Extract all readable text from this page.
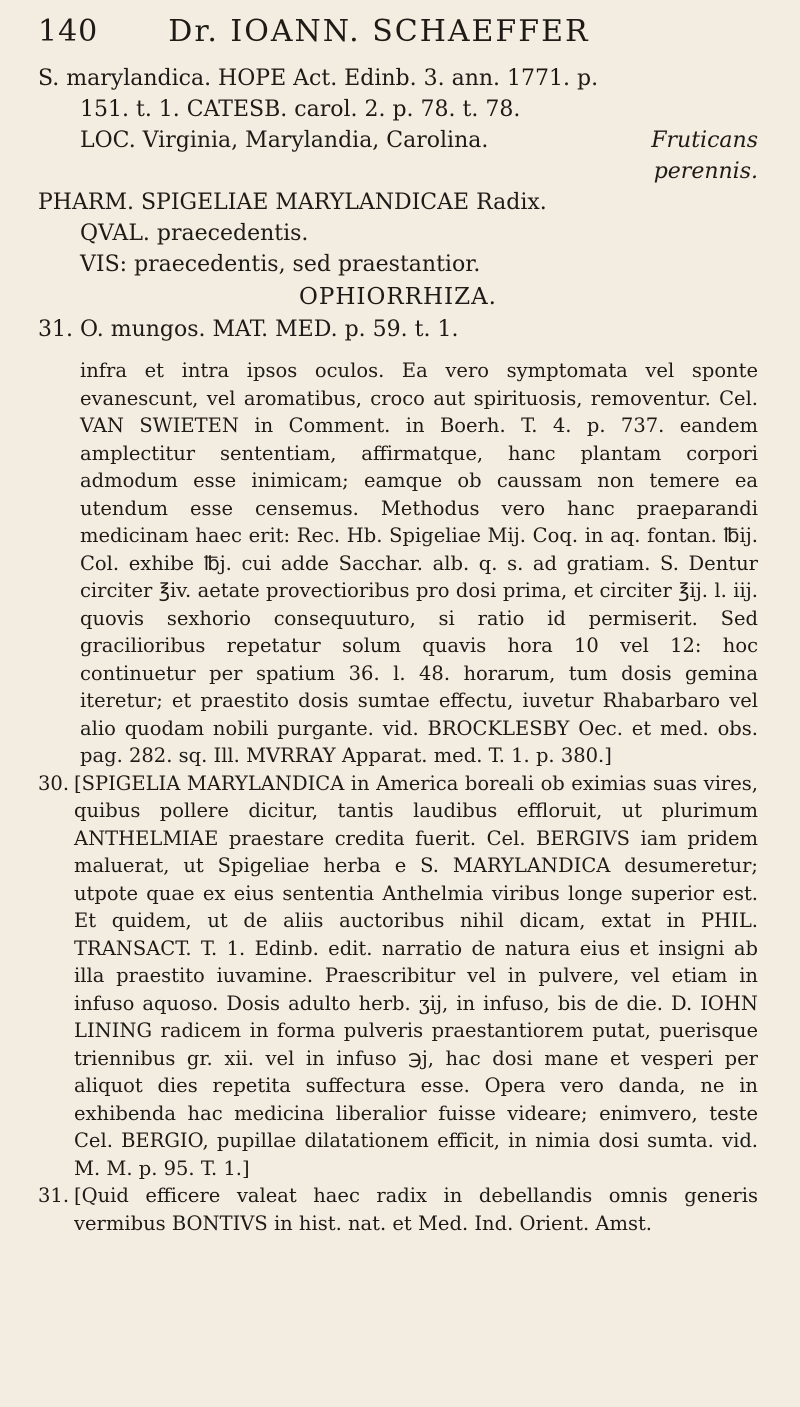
140 Dr. IOANN. SCHAEFFER

S. marylandica. HOPE Act. Edinb. 3. ann. 1771. p.

151. t. 1. CATESB. carol. 2. p. 78. t. 78.

LOC. Virginia, Marylandia, Carolina.	Fruticans

perennis.

PHARM. SPIGELIAE MARYLANDICAE Radix.

QVAL. praecedentis.

VIS: praecedentis, sed praestantior.

OPHIORRHIZA.

31. O. mungos. MAT. MED. p. 59. t. 1.

infra et intra ipsos oculos. Ea vero symptomata vel sponte evanescunt, vel aromatibus, croco aut spirituosis, removentur. Cel. VAN SWIETEN in Comment. in Boerh. T. 4. p. 737. eandem amplectitur sententiam, affirmatque, hanc plantam corpori admodum esse inimicam; eamque ob caussam non temere ea utendum esse censemus. Methodus vero hanc praeparandi medicinam haec erit: Rec. Hb. Spigeliae Mij. Coq. in aq. fontan. ℔ij. Col. exhibe ℔j. cui adde Sacchar. alb. q. s. ad gratiam. S. Dentur circiter ℥iv. aetate provectioribus pro dosi prima, et circiter ℥ij. l. iij. quovis sexhorio consequuturo, si ratio id permiserit. Sed gracilioribus repetatur solum quavis hora 10 vel 12: hoc continuetur per spatium 36. l. 48. horarum, tum dosis gemina iteretur; et praestito dosis sumtae effectu, iuvetur Rhabarbaro vel alio quodam nobili purgante. vid. BROCKLESBY Oec. et med. obs. pag. 282. sq. Ill. MVRRAY Apparat. med. T. 1. p. 380.]

30. [SPIGELIA MARYLANDICA in America boreali ob eximias suas vires, quibus pollere dicitur, tantis laudibus effloruit, ut plurimum ANTHELMIAE praestare credita fuerit. Cel. BERGIVS iam pridem maluerat, ut Spigeliae herba e S. MARYLANDICA desumeretur; utpote quae ex eius sententia Anthelmia viribus longe superior est. Et quidem, ut de aliis auctoribus nihil dicam, extat in PHIL. TRANSACT. T. 1. Edinb. edit. narratio de natura eius et insigni ab illa praestito iuvamine. Praescribitur vel in pulvere, vel etiam in infuso aquoso. Dosis adulto herb. ʒij, in infuso, bis de die. D. IOHN LINING radicem in forma pulveris praestantiorem putat, puerisque triennibus gr. xii. vel in infuso ℈j, hac dosi mane et vesperi per aliquot dies repetita suffectura esse. Opera vero danda, ne in exhibenda hac medicina liberalior fuisse videare; enimvero, teste Cel. BERGIO, pupillae dilatationem efficit, in nimia dosi sumta. vid. M. M. p. 95. T. 1.]
31. [Quid efficere valeat haec radix in debellandis omnis generis vermibus BONTIVS in hist. nat. et Med. Ind. Orient. Amst.
